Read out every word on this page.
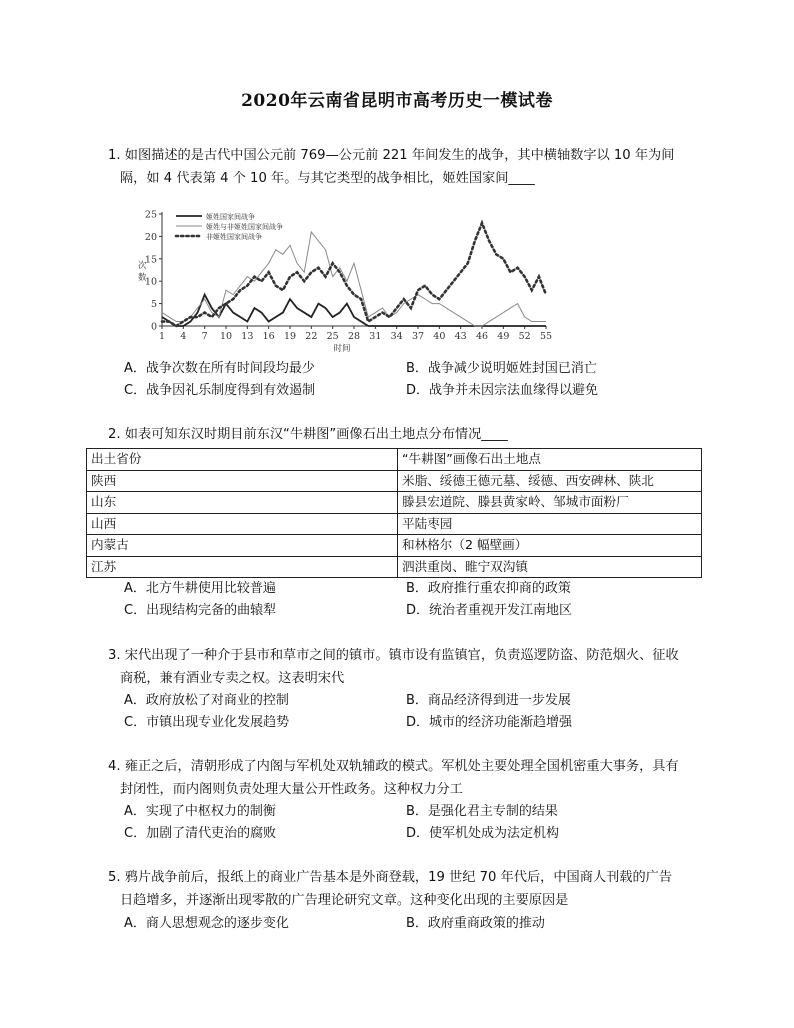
2020年云南省昆明市高考历史一模试卷
1. 如图描述的是古代中国公元前 769—公元前 221 年间发生的战争，其中横轴数字以 10 年为间
隔，如 4 代表第 4 个 10 年。与其它类型的战争相比，姬姓国家间____
0
5
10
15
20
25
1 4 7 10 13 16 19 22 25 28 31 34 37 40 43 46 49 52 55
时间
次
数
姬姓国家间战争
姬姓与非姬姓国家间战争
非姬姓国家间战争
A．战争次数在所有时间段均最少	B．战争减少说明姬姓封国已消亡
C．战争因礼乐制度得到有效遏制	D．战争并未因宗法血缘得以避免
2. 如表可知东汉时期目前东汉“牛耕图”画像石出土地点分布情况____
出土省份	“牛耕图”画像石出土地点
陕西	米脂、绥德王德元墓、绥德、西安碑林、陕北
山东	滕县宏道院、滕县黄家岭、邹城市面粉厂
山西	平陆枣园
内蒙古	和林格尔（2 幅壁画）
江苏	泗洪重岗、睢宁双沟镇
A．北方牛耕使用比较普遍	B．政府推行重农抑商的政策
C．出现结构完备的曲辕犁	D．统治者重视开发江南地区
3. 宋代出现了一种介于县市和草市之间的镇市。镇市设有监镇官，负责巡逻防盗、防范烟火、征收
商税，兼有酒业专卖之权。这表明宋代
A．政府放松了对商业的控制	B．商品经济得到进一步发展
C．市镇出现专业化发展趋势	D．城市的经济功能渐趋增强
4. 雍正之后，清朝形成了内阁与军机处双轨辅政的模式。军机处主要处理全国机密重大事务，具有
封闭性，而内阁则负责处理大量公开性政务。这种权力分工
A．实现了中枢权力的制衡	B．是强化君主专制的结果
C．加剧了清代吏治的腐败	D．使军机处成为法定机构
5. 鸦片战争前后，报纸上的商业广告基本是外商登载，19 世纪 70 年代后，中国商人刊载的广告
日趋增多，并逐渐出现零散的广告理论研究文章。这种变化出现的主要原因是
A．商人思想观念的逐步变化	B．政府重商政策的推动
